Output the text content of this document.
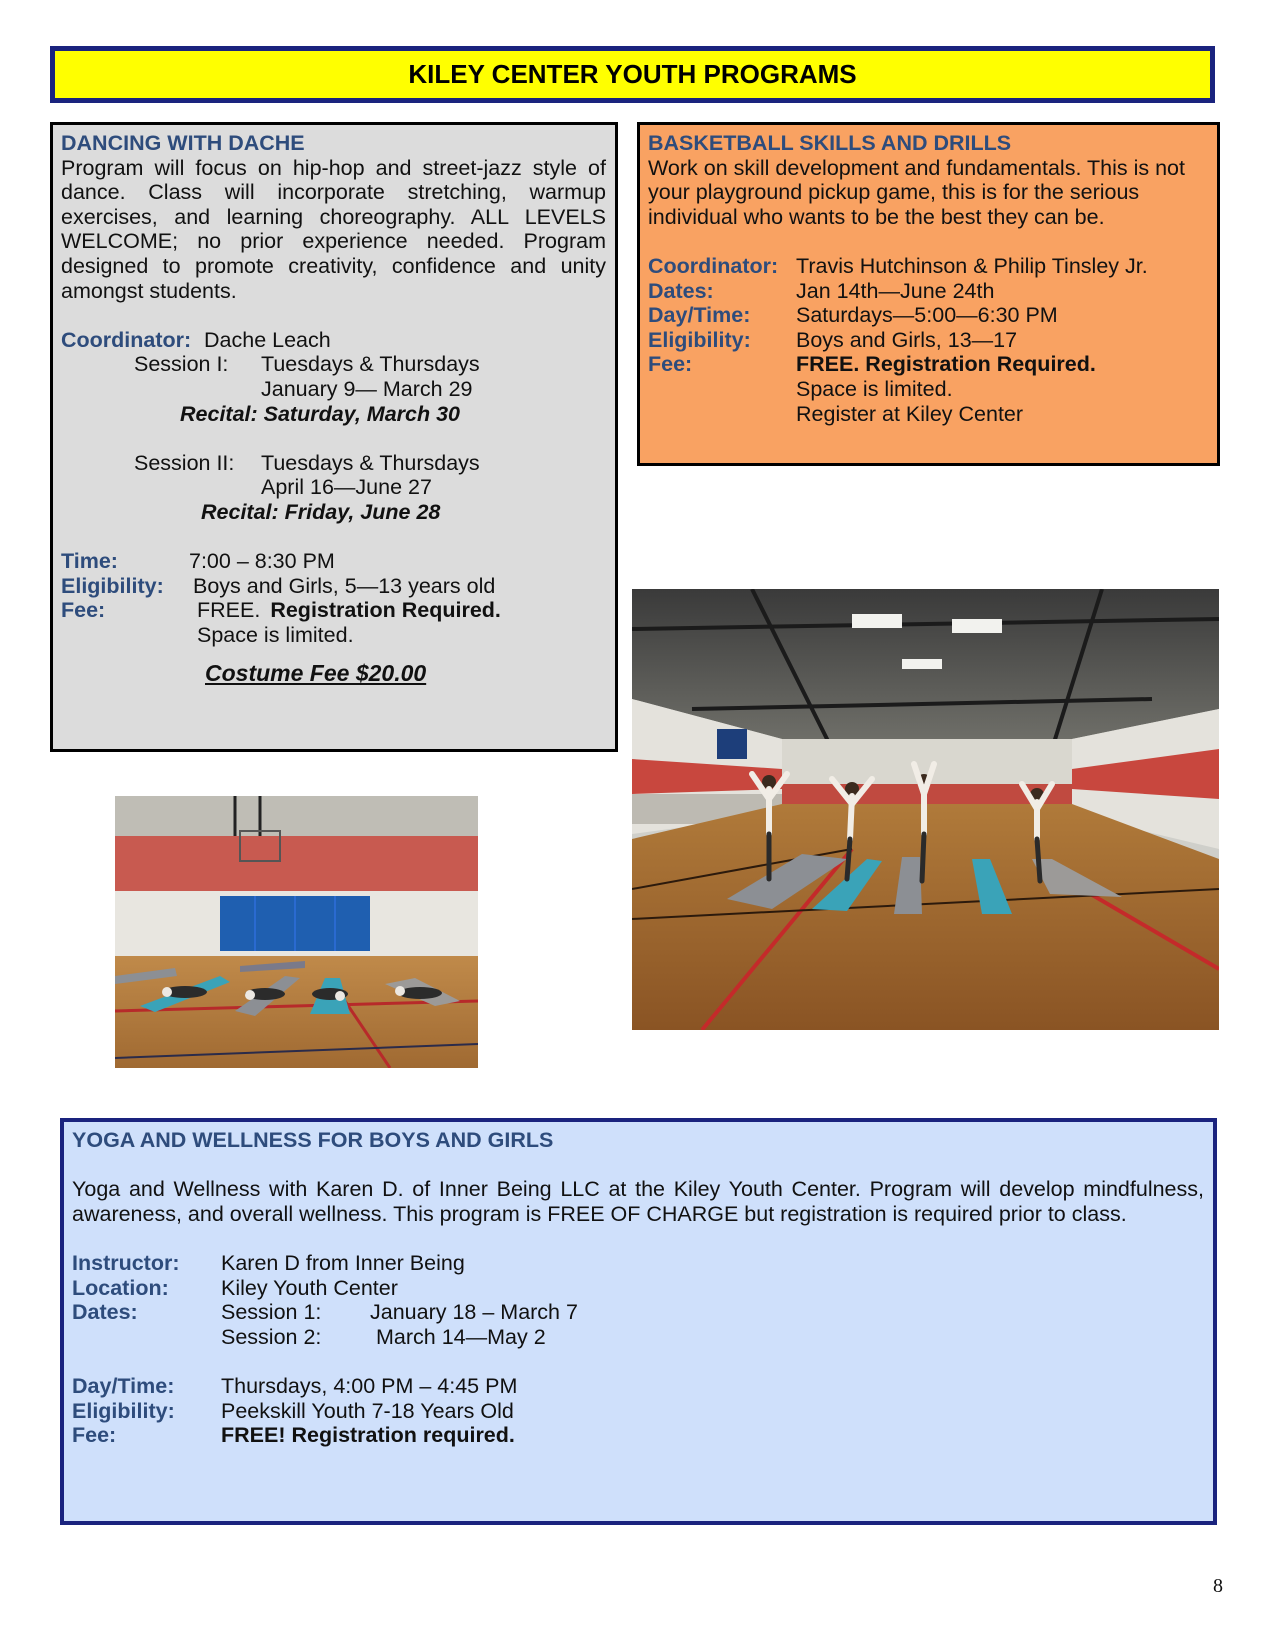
KILEY CENTER YOUTH PROGRAMS
DANCING WITH DACHE
Program will focus on hip-hop and street-jazz style of dance. Class will incorporate stretching, warmup exercises, and learning choreography. ALL LEVELS WELCOME; no prior experience needed. Program designed to promote creativity, confidence and unity amongst students.
Coordinator: Dache Leach
Session I:	Tuesdays & Thursdays
January 9— March 29
Recital: Saturday, March 30
Session II:	Tuesdays & Thursdays
April 16—June 27
Recital: Friday, June 28
Time:	7:00 – 8:30 PM
Eligibility:	Boys and Girls, 5—13 years old
Fee:	FREE. Registration Required.
Space is limited.
Costume Fee $20.00
BASKETBALL SKILLS AND DRILLS
Work on skill development and fundamentals. This is not your playground pickup game, this is for the serious individual who wants to be the best they can be.
Coordinator: Travis Hutchinson & Philip Tinsley Jr.
Dates:	Jan 14th—June 24th
Day/Time:	Saturdays—5:00—6:30 PM
Eligibility:	Boys and Girls, 13—17
Fee:	FREE. Registration Required.
Space is limited.
Register at Kiley Center
YOGA AND WELLNESS FOR BOYS AND GIRLS
Yoga and Wellness with Karen D. of Inner Being LLC at the Kiley Youth Center. Program will develop mindfulness, awareness, and overall wellness. This program is FREE OF CHARGE but registration is required prior to class.
Instructor:	Karen D from Inner Being
Location:	Kiley Youth Center
Dates:	Session 1:	January 18 – March 7
Session 2:	March 14—May 2
Day/Time:	Thursdays, 4:00 PM – 4:45 PM
Eligibility:	Peekskill Youth 7-18 Years Old
Fee:	FREE! Registration required.
8
